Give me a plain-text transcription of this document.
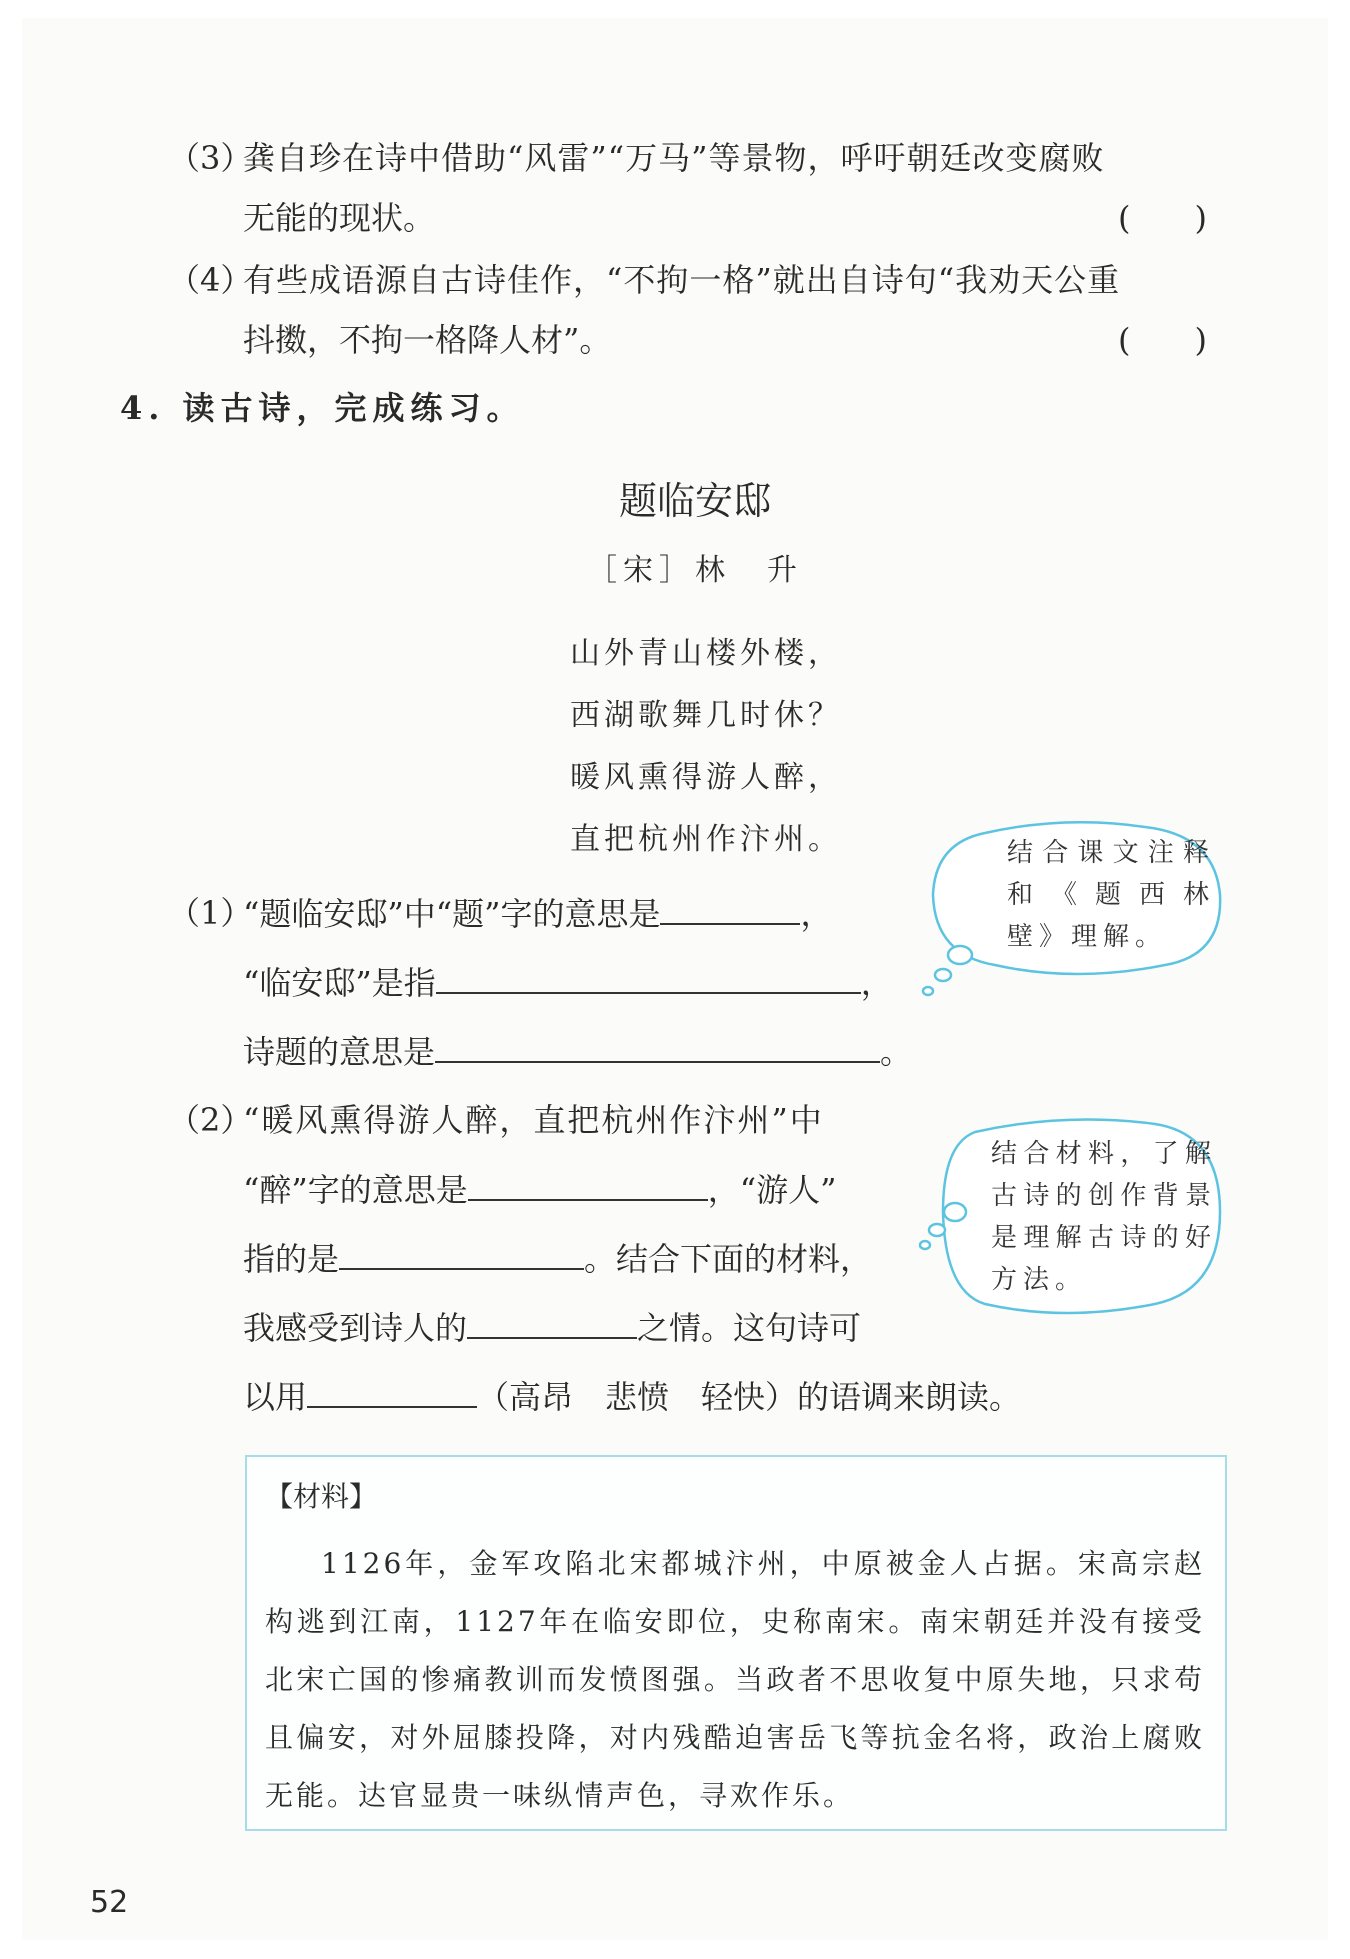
（3）
龚自珍在诗中借助“风雷”“万马”等景物，呼吁朝廷改变腐败
无能的现状。	(　　)
（4）
有些成语源自古诗佳作，“不拘一格”就出自诗句“我劝天公重
抖擞，不拘一格降人材”。	(　　)
4. 读古诗，完成练习。
题临安邸
［宋］林　升
山外青山楼外楼，
西湖歌舞几时休？
暖风熏得游人醉，
直把杭州作汴州。	结合课文注释和《题西林壁》理解。
（1）
“题临安邸”中“题”字的意思是	，
“临安邸”是指	，
诗题的意思是	。
（2）
“暖风熏得游人醉，直把杭州作汴州”中
“醉”字的意思是	，“游人”
指的是	。结合下面的材料，
我感受到诗人的	之情。这句诗可
以用	（高昂　悲愤　轻快）的语调来朗读。
结合材料，了解古诗的创作背景是理解古诗的好方法。
【材料】

1126年，金军攻陷北宋都城汴州，中原被金人占据。宋高宗赵构逃到江南，1127年在临安即位，史称南宋。南宋朝廷并没有接受北宋亡国的惨痛教训而发愤图强。当政者不思收复中原失地，只求苟且偏安，对外屈膝投降，对内残酷迫害岳飞等抗金名将，政治上腐败无能。达官显贵一味纵情声色，寻欢作乐。

52
